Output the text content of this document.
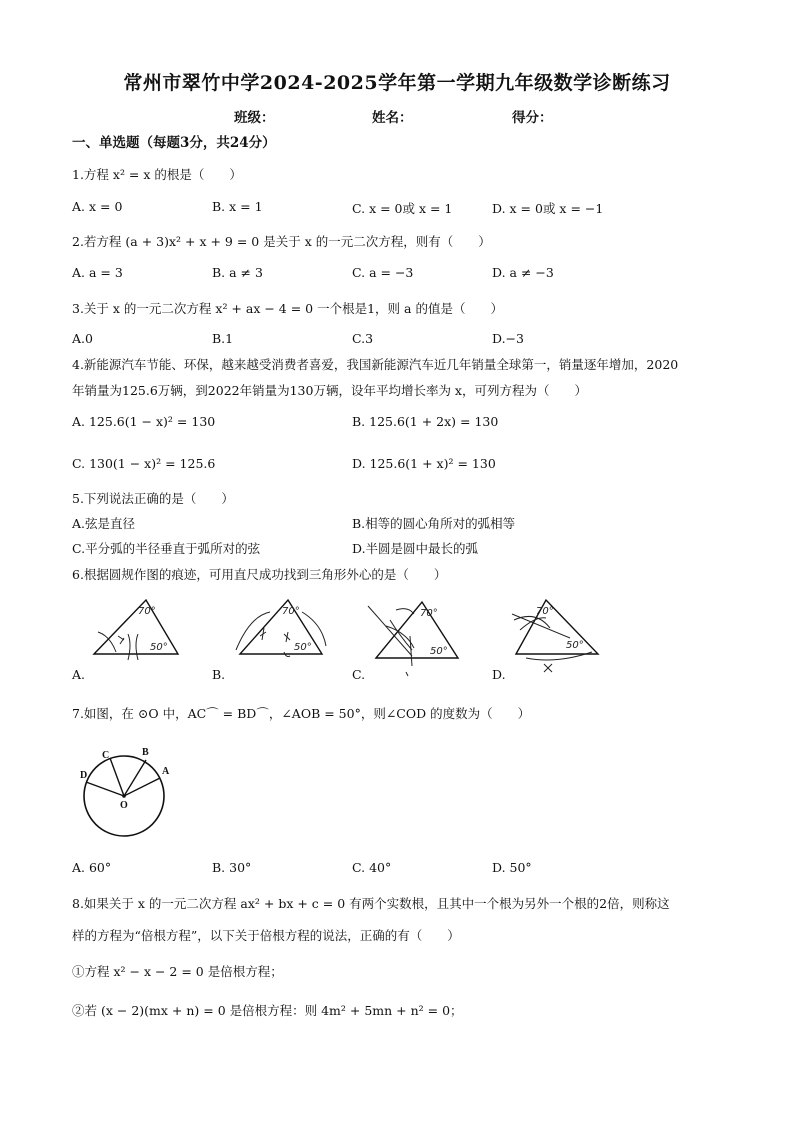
常州市翠竹中学2024-2025学年第一学期九年级数学诊断练习
班级：	姓名：	得分：
一、单选题（每题3分，共24分）
1.方程 x² = x 的根是（　　）
A. x = 0	B. x = 1	C. x = 0或 x = 1	D. x = 0或 x = −1
2.若方程 (a + 3)x² + x + 9 = 0 是关于 x 的一元二次方程，则有（　　）
A. a = 3	B. a ≠ 3	C. a = −3	D. a ≠ −3
3.关于 x 的一元二次方程 x² + ax − 4 = 0 一个根是1，则 a 的值是（　　）
A.0	B.1	C.3	D.−3
4.新能源汽车节能、环保，越来越受消费者喜爱，我国新能源汽车近几年销量全球第一，销量逐年增加，2020
年销量为125.6万辆，到2022年销量为130万辆，设年平均增长率为 x，可列方程为（　　）
A. 125.6(1 − x)² = 130	B. 125.6(1 + 2x) = 130
C. 130(1 − x)² = 125.6	D. 125.6(1 + x)² = 130
5.下列说法正确的是（　　）
A.弦是直径	B.相等的圆心角所对的弧相等
C.平分弧的半径垂直于弧所对的弦	D.半圆是圆中最长的弧
6.根据圆规作图的痕迹，可用直尺成功找到三角形外心的是（　　）
70°
50°
A.
70°
50°
B.
70°
50°
C.
70°
50°
D.
7.如图，在 ⊙O 中，AC⌒ = BD⌒，∠AOB = 50°，则∠COD 的度数为（　　）
C	B
D	A
O
A. 60°	B. 30°	C. 40°	D. 50°
8.如果关于 x 的一元二次方程 ax² + bx + c = 0 有两个实数根，且其中一个根为另外一个根的2倍，则称这
样的方程为“倍根方程”，以下关于倍根方程的说法，正确的有（　　）
①方程 x² − x − 2 = 0 是倍根方程；
②若 (x − 2)(mx + n) = 0 是倍根方程：则 4m² + 5mn + n² = 0；
